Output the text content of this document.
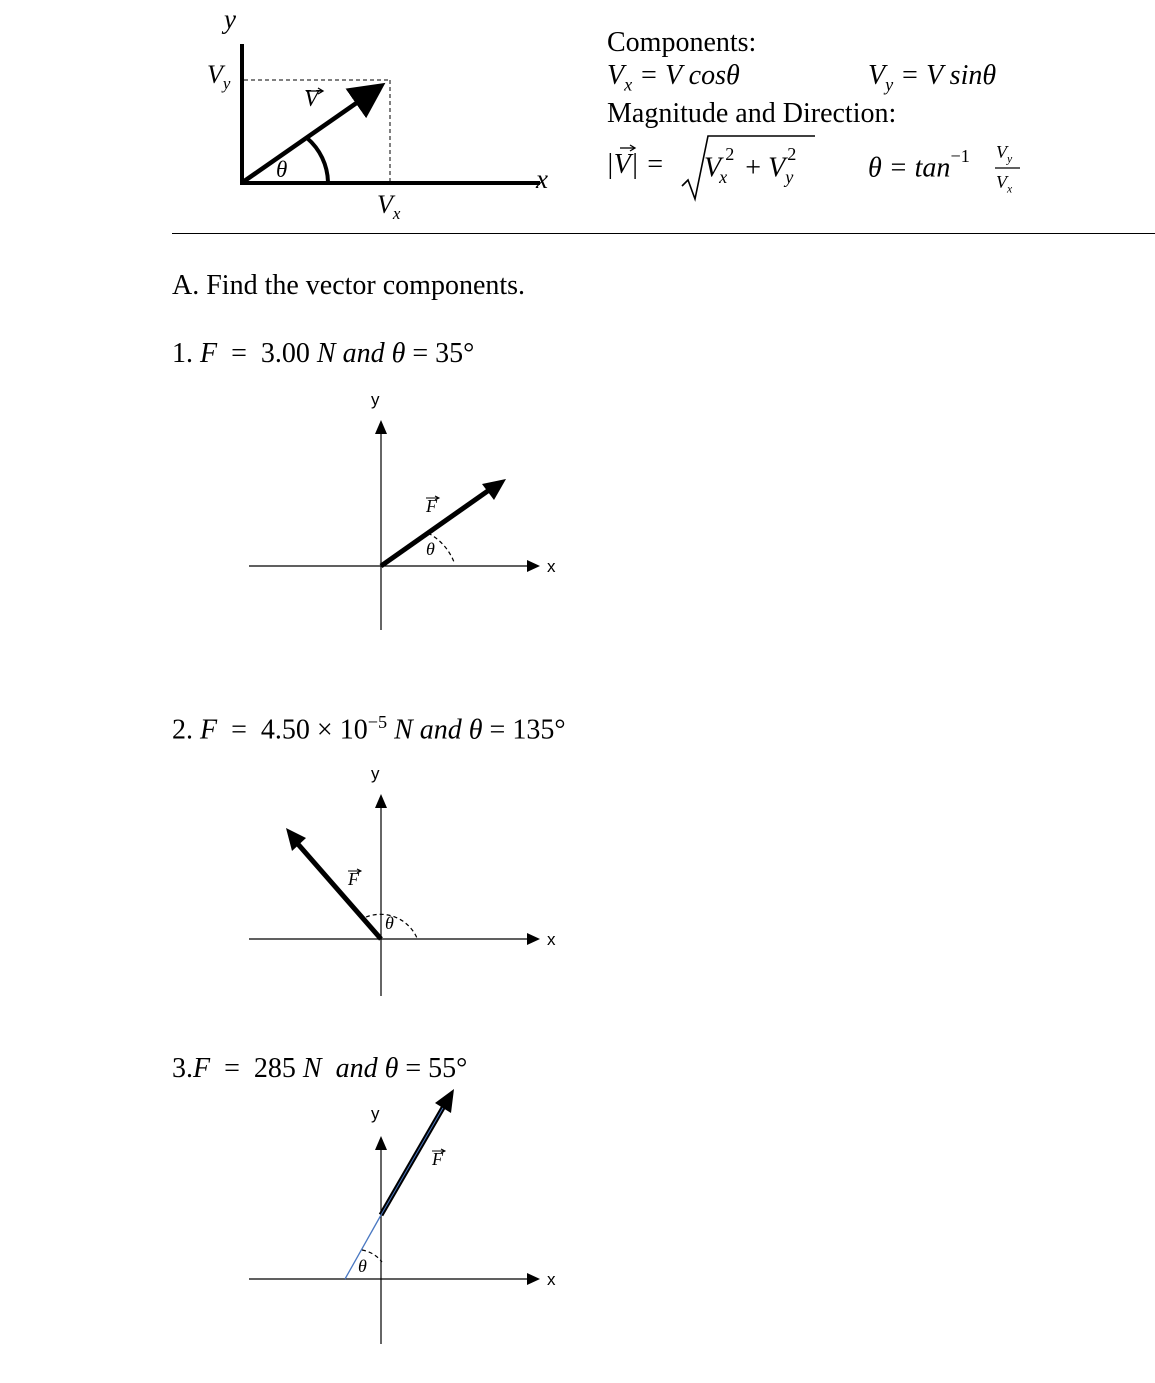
y
$V_y$
V
θ	x
$V_x$
Components:
$V_x = V$ cosθ	$V_y = V$ sinθ
Magnitude and Direction:
$|V| = V_x^2 + V_y^2$	$\theta = \tan^{-1} V_y$
$V_x$
A. Find the vector components.
1. F = 3.00 N and θ = 35°
2. $F = 4.50 \times 10^{-5}$ N and θ = 135°
3.F = 285 N and θ = 55°
y
x
F
θ
y
x
F
θ
y
x
F
θ
